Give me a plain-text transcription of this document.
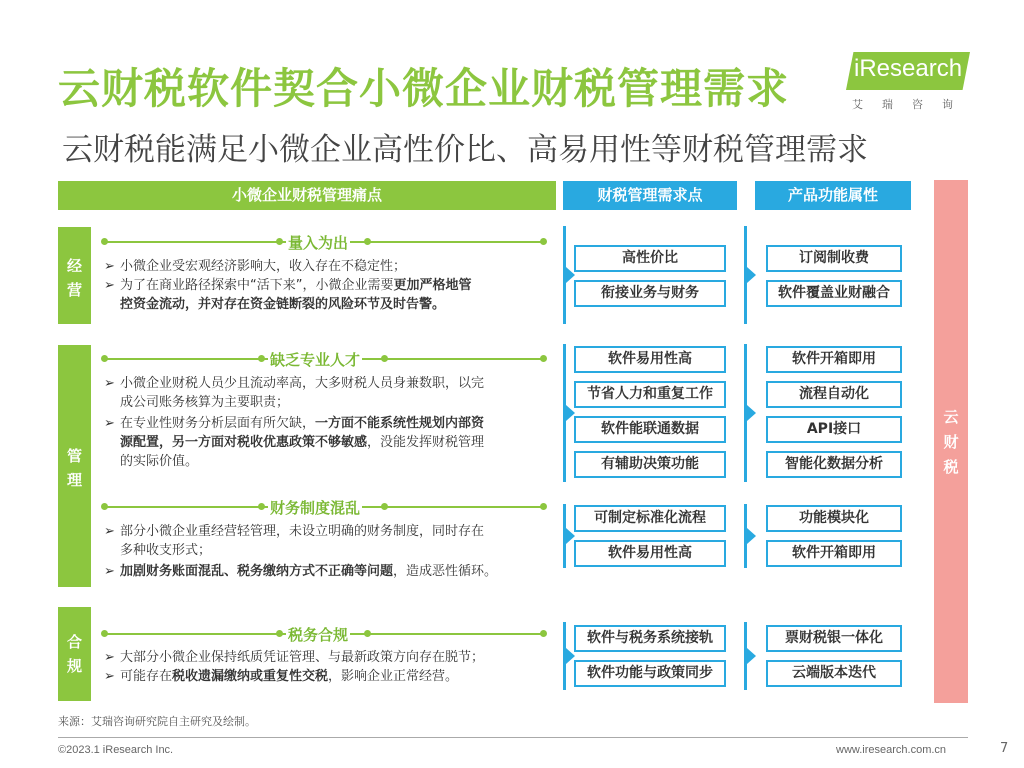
云财税软件契合小微企业财税管理需求
云财税能满足小微企业高性价比、高易用性等财税管理需求
iResearch
艾瑞咨询
小微企业财税管理痛点	财税管理需求点	产品功能属性
云
财
税
经
营
管
理
合
规
量入为出
➢ 小微企业受宏观经济影响大，收入存在不稳定性；
➢ 为了在商业路径探索中“活下来”，小微企业需要更加严格地管
控资金流动，并对存在资金链断裂的风险环节及时告警。
缺乏专业人才
➢ 小微企业财税人员少且流动率高，大多财税人员身兼数职，以完
成公司账务核算为主要职责；
➢ 在专业性财务分析层面有所欠缺，一方面不能系统性规划内部资
源配置，另一方面对税收优惠政策不够敏感，没能发挥财税管理
的实际价值。
财务制度混乱
➢ 部分小微企业重经营轻管理，未设立明确的财务制度，同时存在
多种收支形式；
➢ 加剧财务账面混乱、税务缴纳方式不正确等问题，造成恶性循环。
税务合规
➢ 大部分小微企业保持纸质凭证管理、与最新政策方向存在脱节；
➢ 可能存在税收遗漏缴纳或重复性交税，影响企业正常经营。
高性价比
衔接业务与财务
软件易用性高
节省人力和重复工作
软件能联通数据
有辅助决策功能
可制定标准化流程
软件易用性高
软件与税务系统接轨
软件功能与政策同步
订阅制收费
软件覆盖业财融合
软件开箱即用
流程自动化
API接口
智能化数据分析
功能模块化
软件开箱即用
票财税银一体化
云端版本迭代
来源：艾瑞咨询研究院自主研究及绘制。
©2023.1 iResearch Inc.	www.iresearch.com.cn	7
